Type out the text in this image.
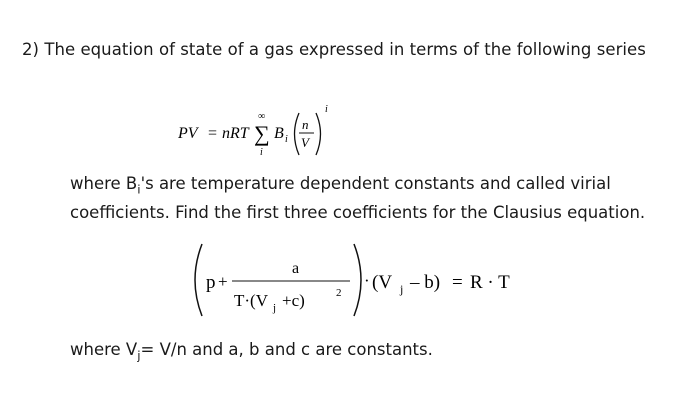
2) The equation of state of a gas expressed in terms of the following series
PV = nRT
∞
∑
i
B i
n
V
i
where $B_i's$ are temperature dependent constants and called virial
coefficients. Find the first three coefficients for the Clausius equation.
p +
a
T·(V j +c)	2
· (V j – b) = R · T
where $V_j= V/n$ and a, b and c are constants.
